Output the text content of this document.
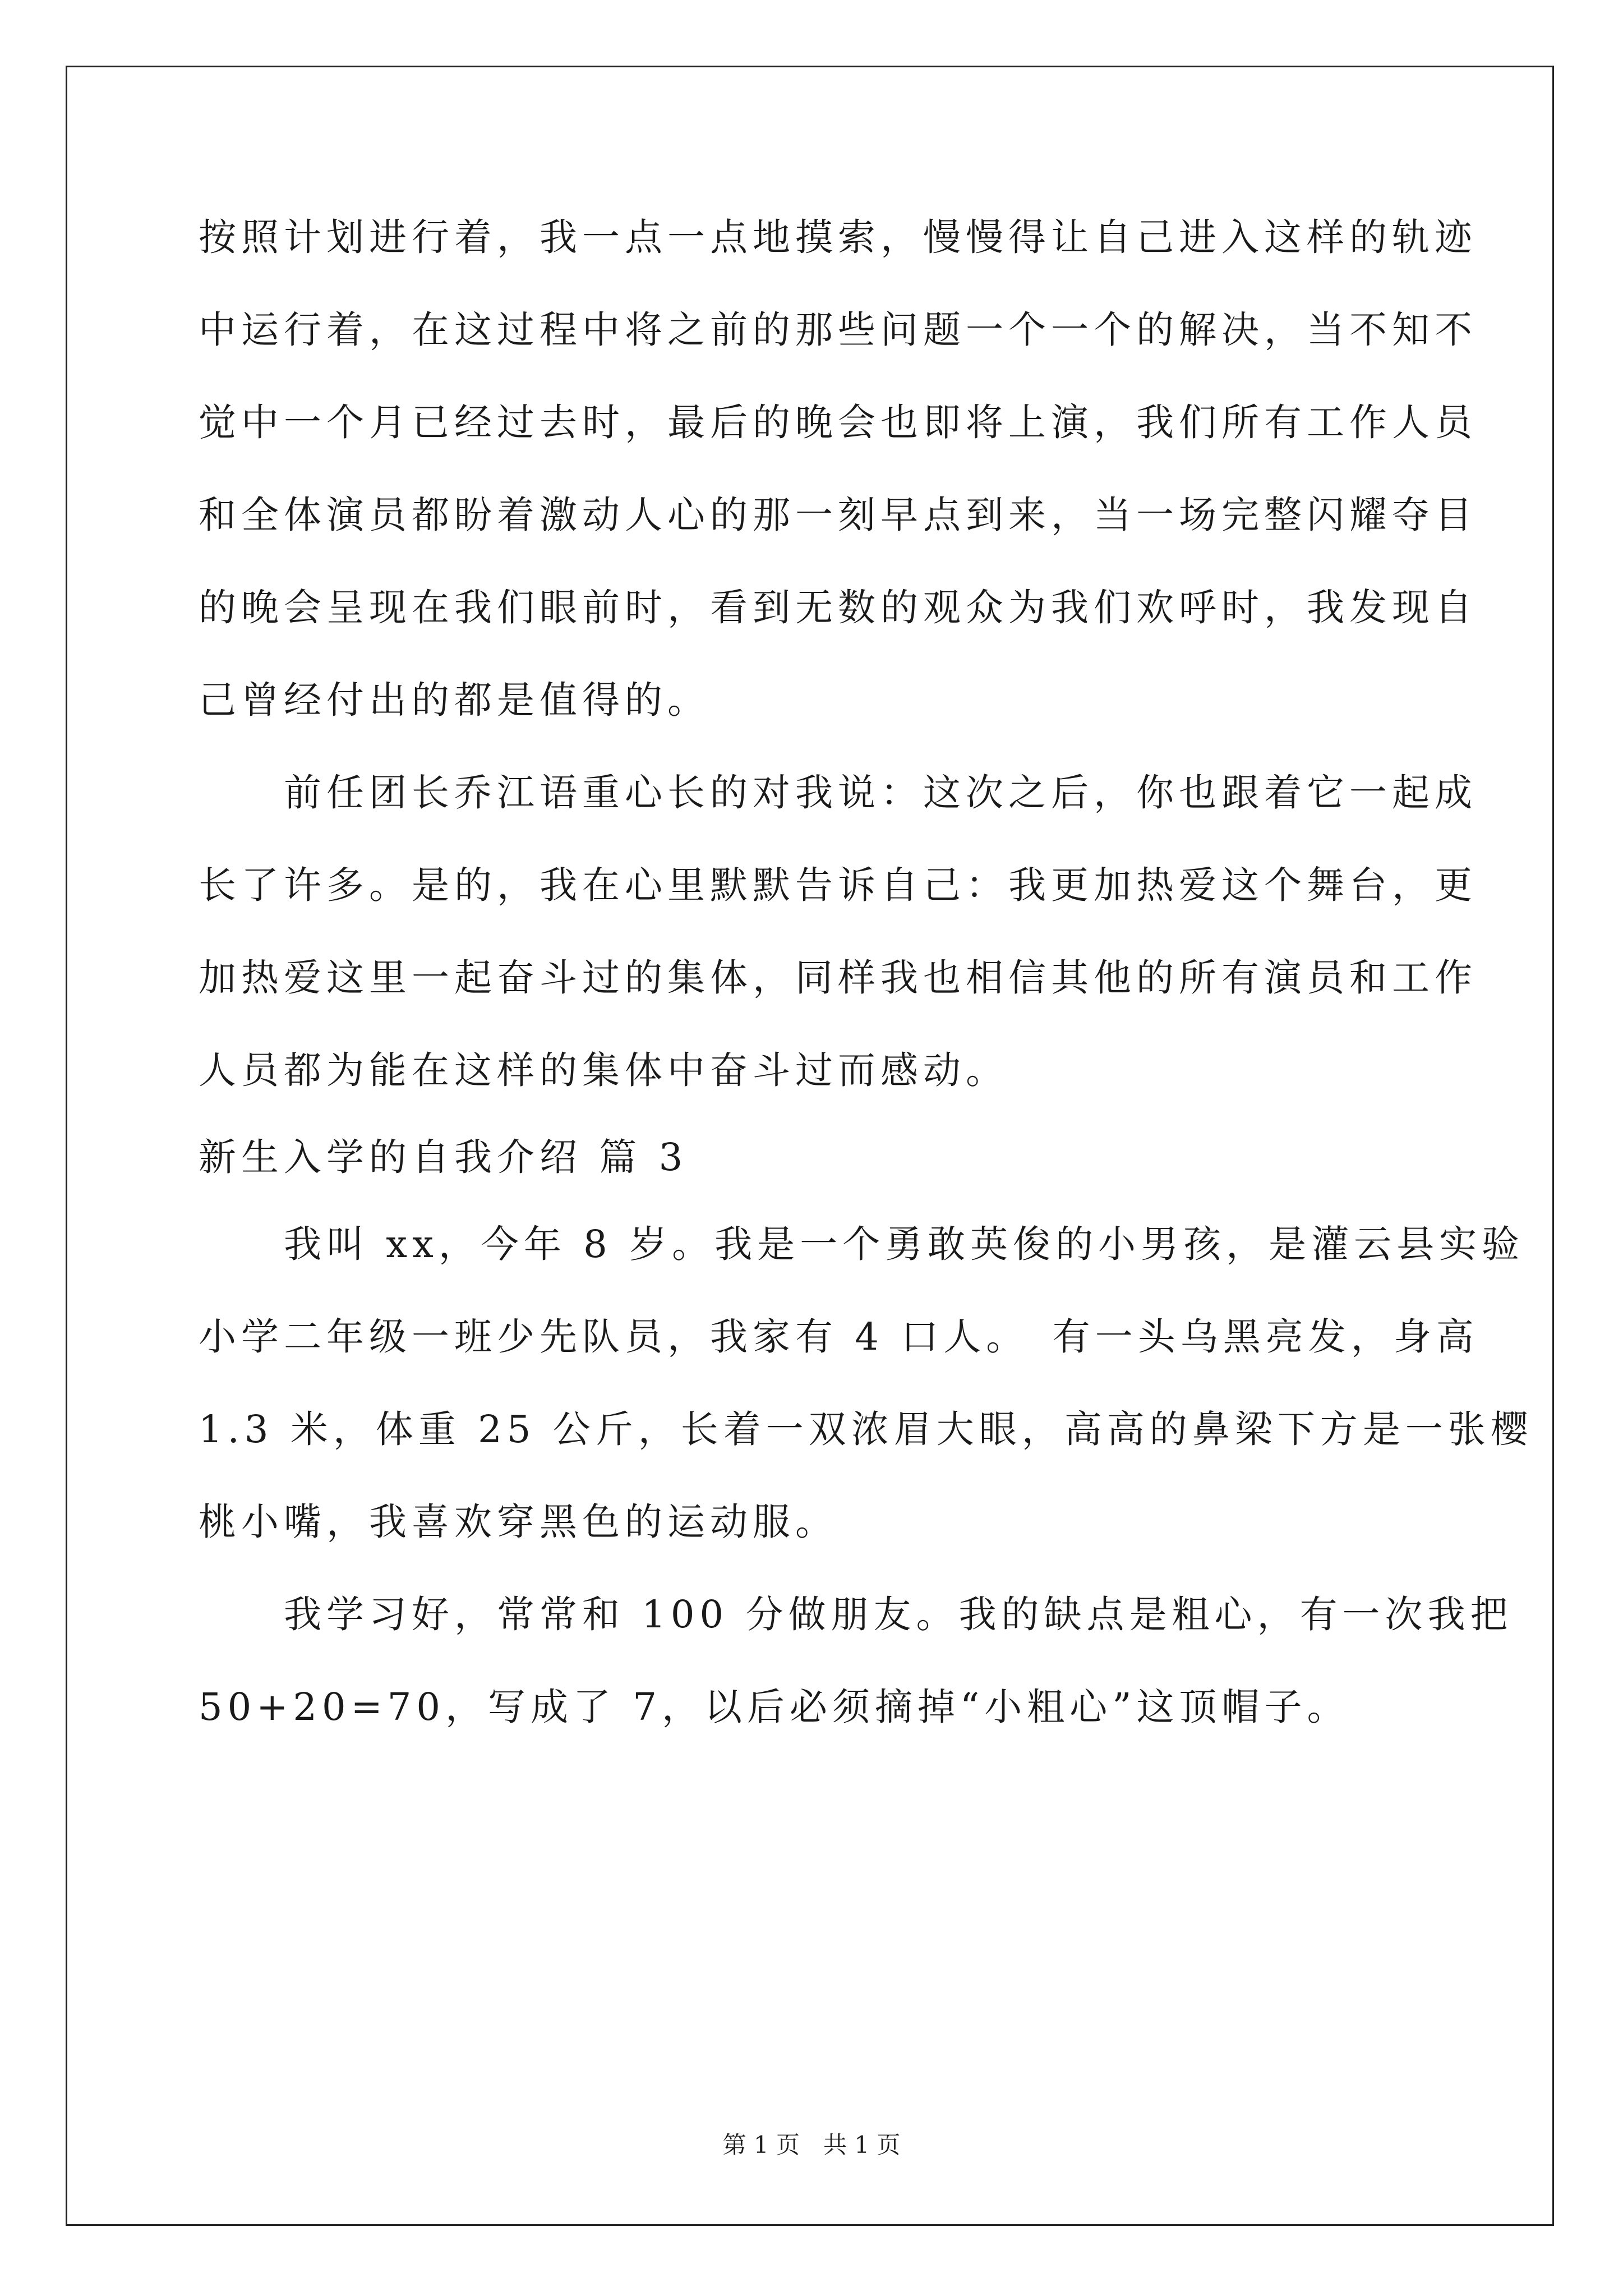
按照计划进行着，我一点一点地摸索，慢慢得让自己进入这样的轨迹
中运行着，在这过程中将之前的那些问题一个一个的解决，当不知不
觉中一个月已经过去时，最后的晚会也即将上演，我们所有工作人员
和全体演员都盼着激动人心的那一刻早点到来，当一场完整闪耀夺目
的晚会呈现在我们眼前时，看到无数的观众为我们欢呼时，我发现自
己曾经付出的都是值得的。
　　前任团长乔江语重心长的对我说：这次之后，你也跟着它一起成
长了许多。是的，我在心里默默告诉自己：我更加热爱这个舞台，更
加热爱这里一起奋斗过的集体，同样我也相信其他的所有演员和工作
人员都为能在这样的集体中奋斗过而感动。
新生入学的自我介绍 篇 3
　　我叫 xx，今年 8 岁。我是一个勇敢英俊的小男孩，是灌云县实验
小学二年级一班少先队员，我家有 4 口人。　有一头乌黑亮发，身高
1.3 米，体重 25 公斤，长着一双浓眉大眼，高高的鼻梁下方是一张樱
桃小嘴，我喜欢穿黑色的运动服。
　　我学习好，常常和 100 分做朋友。我的缺点是粗心，有一次我把
50+20=70，写成了 7，以后必须摘掉“小粗心”这顶帽子。
第 1 页　共 1 页
